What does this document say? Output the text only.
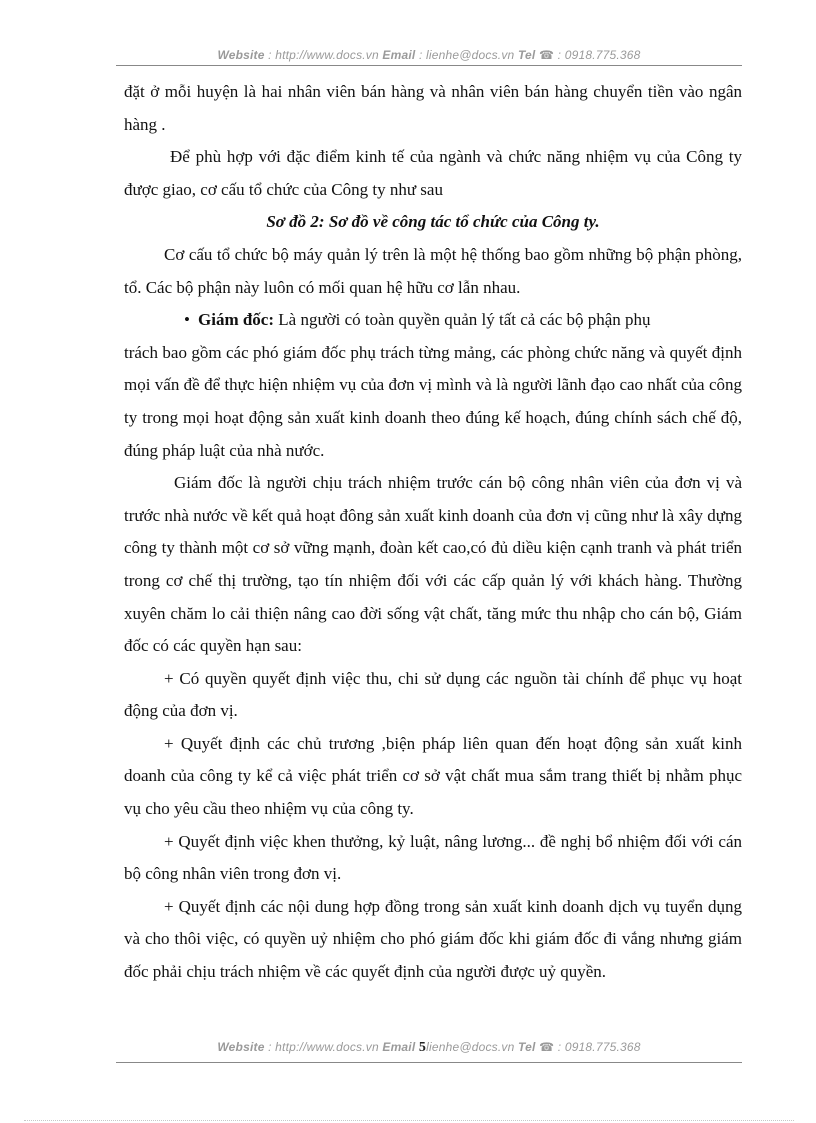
Website : http://www.docs.vn Email : lienhe@docs.vn Tel ☎ : 0918.775.368

đặt ở mỗi huyện là hai nhân viên bán hàng và nhân viên bán hàng chuyển tiền vào ngân hàng .

Để phù hợp với đặc điểm kinh tế của ngành và chức năng nhiệm vụ của Công ty được giao, cơ cấu tổ chức của Công ty như sau

Sơ đồ 2: Sơ đồ về công tác tổ chức của Công ty.

Cơ cấu tổ chức bộ máy quản lý trên là một hệ thống bao gồm những bộ phận phòng, tổ. Các bộ phận này luôn có mối quan hệ hữu cơ lẫn nhau.

• Giám đốc: Là người có toàn quyền quản lý tất cả các bộ phận phụ

trách bao gồm các phó giám đốc phụ trách từng mảng, các phòng chức năng và quyết định mọi vấn đề để thực hiện nhiệm vụ của đơn vị mình và là người lãnh đạo cao nhất của công ty trong mọi hoạt động sản xuất kinh doanh theo đúng kế hoạch, đúng chính sách chế độ, đúng pháp luật của nhà nước.

Giám đốc là người chịu trách nhiệm trước cán bộ công nhân viên của đơn vị và trước nhà nước về kết quả hoạt đông sản xuất kinh doanh của đơn vị cũng như là xây dựng công ty thành một cơ sở vững mạnh, đoàn kết cao,có đủ diều kiện cạnh tranh và phát triển trong cơ chế thị trường, tạo tín nhiệm đối với các cấp quản lý với khách hàng. Thường xuyên chăm lo cải thiện nâng cao đời sống vật chất, tăng mức thu nhập cho cán bộ, Giám đốc có các quyền hạn sau:

+ Có quyền quyết định việc thu, chi sử dụng các nguồn tài chính để phục vụ hoạt động của đơn vị.

+ Quyết định các chủ trương ,biện pháp liên quan đến hoạt động sản xuất kinh doanh của công ty kể cả việc phát triển cơ sở vật chất mua sắm trang thiết bị nhằm phục vụ cho yêu cầu theo nhiệm vụ của công ty.

+ Quyết định việc khen thưởng, kỷ luật, nâng lương... đề nghị bổ nhiệm đối với cán bộ công nhân viên trong đơn vị.

+ Quyết định các nội dung hợp đồng trong sản xuất kinh doanh dịch vụ tuyển dụng và cho thôi việc, có quyền uỷ nhiệm cho phó giám đốc khi giám đốc đi vắng nhưng giám đốc phải chịu trách nhiệm về các quyết định của người được uỷ quyền.

Website : http://www.docs.vn Email 5lienhe@docs.vn Tel ☎ : 0918.775.368
